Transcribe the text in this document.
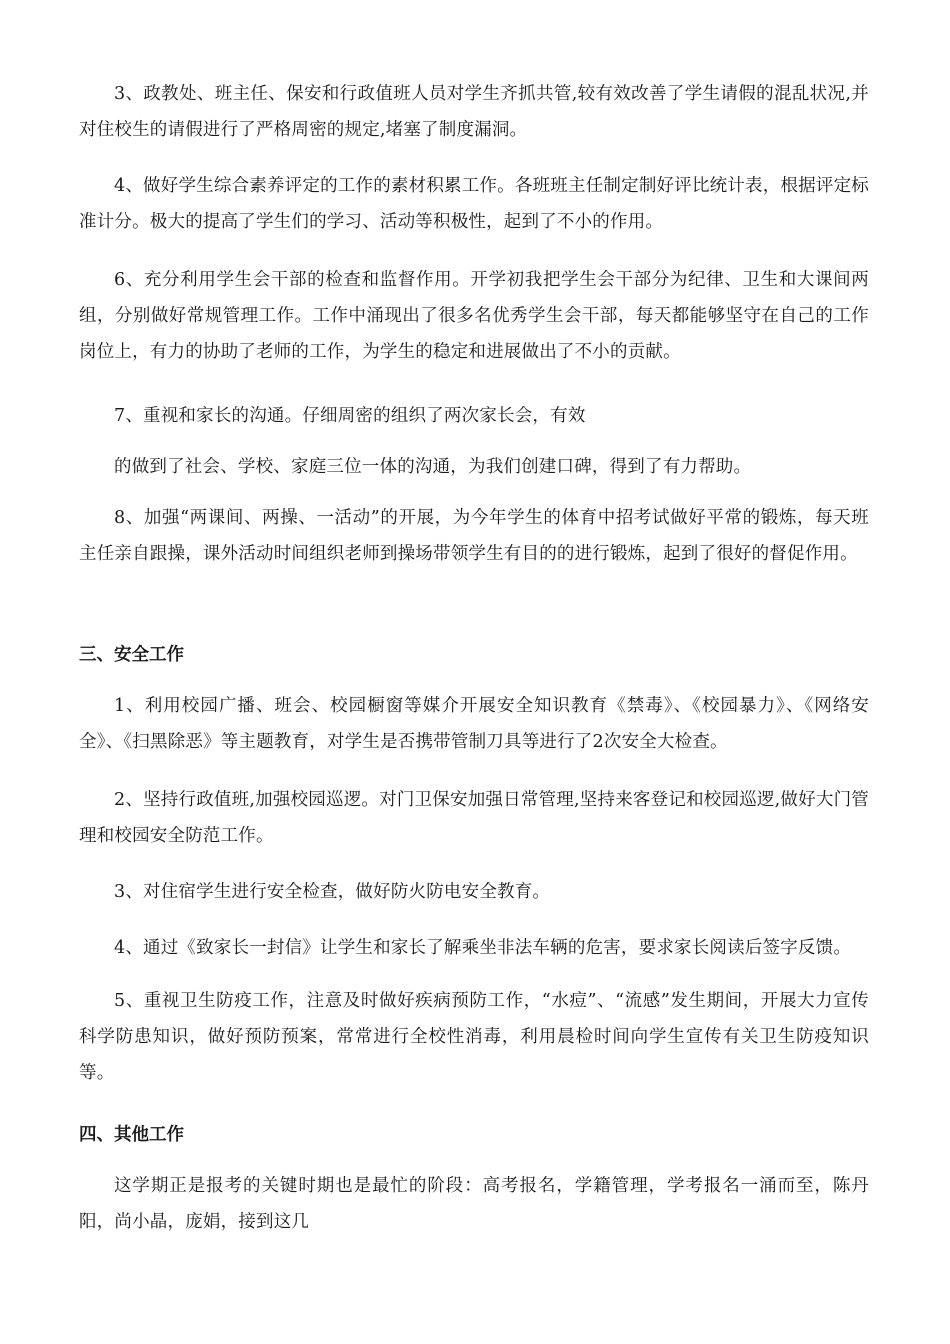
3、政教处、班主任、保安和行政值班人员对学生齐抓共管,较有效改善了学生请假的混乱状况,并对住校生的请假进行了严格周密的规定,堵塞了制度漏洞。

4、做好学生综合素养评定的工作的素材积累工作。各班班主任制定制好评比统计表，根据评定标准计分。极大的提高了学生们的学习、活动等积极性，起到了不小的作用。

6、充分利用学生会干部的检查和监督作用。开学初我把学生会干部分为纪律、卫生和大课间两组，分别做好常规管理工作。工作中涌现出了很多名优秀学生会干部，每天都能够坚守在自己的工作岗位上，有力的协助了老师的工作，为学生的稳定和进展做出了不小的贡献。

7、重视和家长的沟通。仔细周密的组织了两次家长会，有效

的做到了社会、学校、家庭三位一体的沟通，为我们创建口碑，得到了有力帮助。

8、加强“两课间、两操、一活动”的开展，为今年学生的体育中招考试做好平常的锻炼，每天班主任亲自跟操，课外活动时间组织老师到操场带领学生有目的的进行锻炼，起到了很好的督促作用。

三、安全工作

1、利用校园广播、班会、校园橱窗等媒介开展安全知识教育《禁毒》、《校园暴力》、《网络安全》、《扫黑除恶》等主题教育，对学生是否携带管制刀具等进行了2次安全大检查。

2、坚持行政值班,加强校园巡逻。对门卫保安加强日常管理,坚持来客登记和校园巡逻,做好大门管理和校园安全防范工作。

3、对住宿学生进行安全检查，做好防火防电安全教育。

4、通过《致家长一封信》让学生和家长了解乘坐非法车辆的危害，要求家长阅读后签字反馈。

5、重视卫生防疫工作，注意及时做好疾病预防工作，“水痘”、“流感”发生期间，开展大力宣传科学防患知识，做好预防预案，常常进行全校性消毒，利用晨检时间向学生宣传有关卫生防疫知识等。

四、其他工作

这学期正是报考的关键时期也是最忙的阶段：高考报名，学籍管理，学考报名一涌而至，陈丹阳，尚小晶，庞娟，接到这几
